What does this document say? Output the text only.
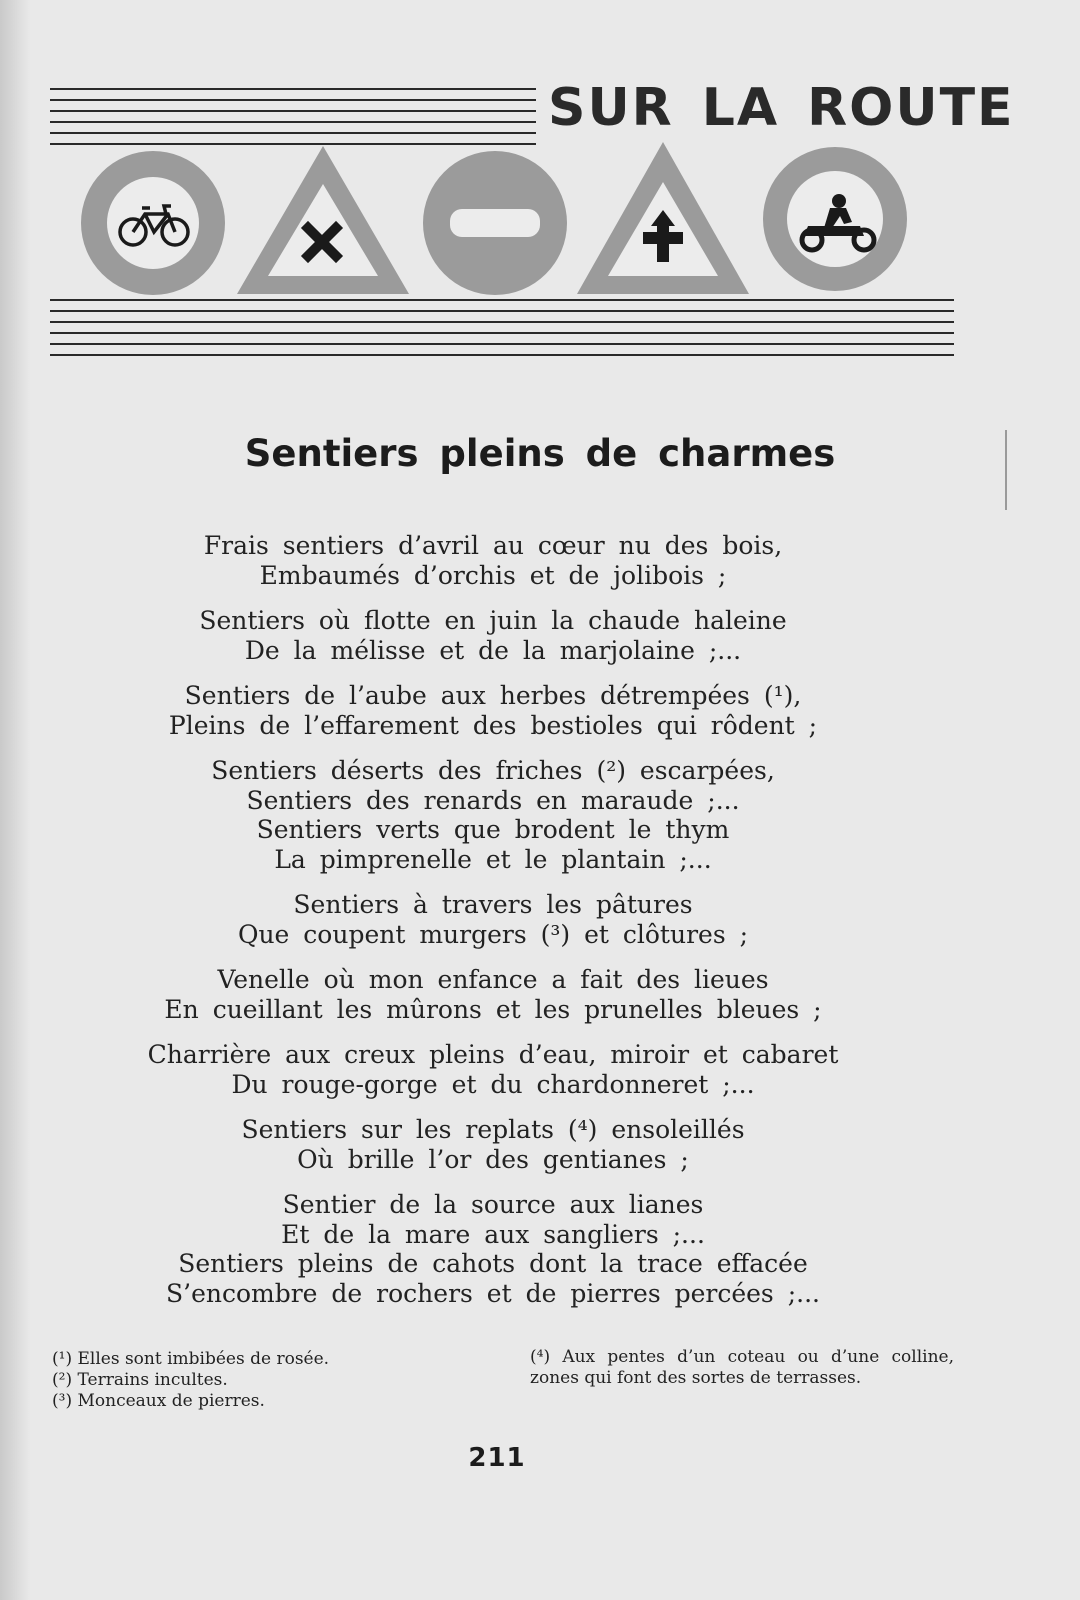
SUR LA ROUTE
Sentiers pleins de charmes
Frais sentiers d’avril au cœur nu des bois,
Embaumés d’orchis et de jolibois ;
Sentiers où flotte en juin la chaude haleine
De la mélisse et de la marjolaine ;...
Sentiers de l’aube aux herbes détrempées (¹),
Pleins de l’effarement des bestioles qui rôdent ;
Sentiers déserts des friches (²) escarpées,
Sentiers des renards en maraude ;...
Sentiers verts que brodent le thym
La pimprenelle et le plantain ;...
Sentiers à travers les pâtures
Que coupent murgers (³) et clôtures ;
Venelle où mon enfance a fait des lieues
En cueillant les mûrons et les prunelles bleues ;
Charrière aux creux pleins d’eau, miroir et cabaret
Du rouge-gorge et du chardonneret ;...
Sentiers sur les replats (⁴) ensoleillés
Où brille l’or des gentianes ;
Sentier de la source aux lianes
Et de la mare aux sangliers ;...
Sentiers pleins de cahots dont la trace effacée
S’encombre de rochers et de pierres percées ;...
(¹) Elles sont imbibées de rosée.
(²) Terrains incultes.
(³) Monceaux de pierres.
(⁴) Aux pentes d’un coteau ou d’une colline, zones qui font des sortes de terrasses.
211
